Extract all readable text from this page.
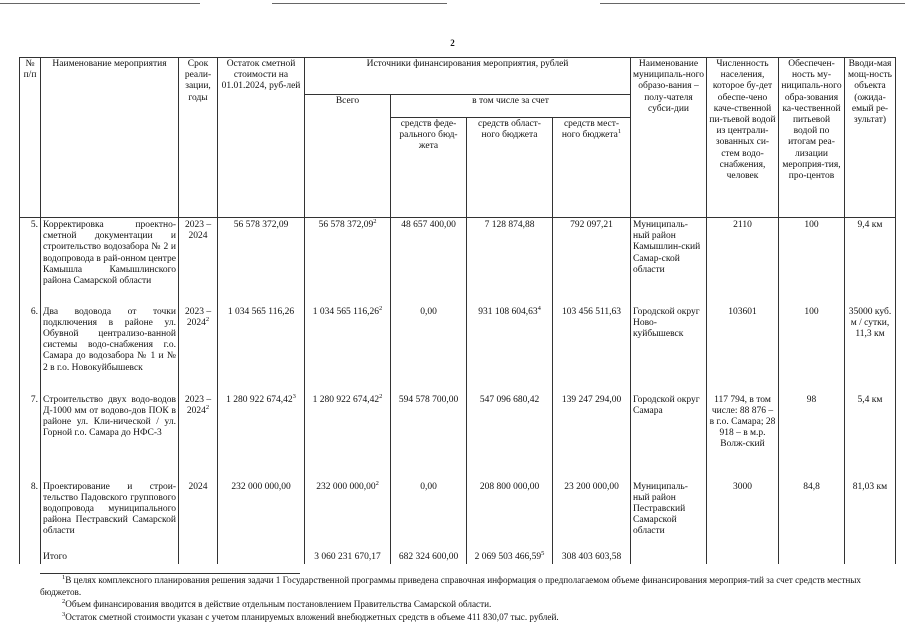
2
№ п/п	Наименование мероприятия	Срок реали-зации, годы	Остаток сметной стоимости на 01.01.2024, руб-лей	Источники финансирования мероприятия, рублей				Наименование муниципаль-ного образо-вания – полу-чателя субси-дии	Численность населения, которое бу-дет обеспе-чено каче-ственной пи-тьевой водой из централи-зованных си-стем водо-снабжения, человек	Обеспечен-ность му-ниципаль-ного обра-зования ка-чественной питьевой водой по итогам реа-лизации мероприя-тия, про-центов	Вводи-мая мощ-ность объекта (ожида-емый ре-зультат)
				Всего	в том числе за счет						
					средств феде-рального бюд-жета	средств област-ного бюджета	средств мест-ного бюджета$^1$
5.	Корректировка проектно-сметной документации и строительство водозабора № 2 и водопровода в рай-онном центре Камышла Камышлинского района Самарской области	2023 – 2024	56 578 372,09	56 578 372,09$^2$	48 657 400,00	7 128 874,88	792 097,21	Муниципаль-ный район Камышлин-ский Самар-ской области	2110	100	9,4 км
6.	Два водовода от точки подключения в районе ул. Обувной централизо-ванной системы водо-снабжения г.о. Самара до водозабора № 1 и № 2 в г.о. Новокуйбышевск	2023 – 2024$^2$	1 034 565 116,26	1 034 565 116,26$^2$	0,00	931 108 604,63$^4$	103 456 511,63	Городской округ Ново-куйбышевск	103601	100	35000 куб. м / сутки, 11,3 км
7.	Строительство двух водо-водов Д-1000 мм от водово-дов ПОК в районе ул. Кли-нической / ул. Горной г.о. Самара до НФС-3	2023 – 2024$^2$	1 280 922 674,42$^3$	1 280 922 674,42$^2$	594 578 700,00	547 096 680,42	139 247 294,00	Городской округ Самара	117 794, в том числе: 88 876 – в г.о. Самара; 28 918 – в м.р. Волж-ский	98	5,4 км
8.	Проектирование и строи-тельство Падовского группового водопровода муниципального района Пестравский Самарской области	2024	232 000 000,00	232 000 000,00$^2$	0,00	208 800 000,00	23 200 000,00	Муниципаль-ный район Пестравский Самарской области	3000	84,8	81,03 км
	Итого			3 060 231 670,17	682 324 600,00	2 069 503 466,59$^5$	308 403 603,58				
$^1$В целях комплексного планирования решения задачи 1 Государственной программы приведена справочная информация о предполагаемом объеме финансирования мероприя-тий за счет средств местных бюджетов.
$^2$Объем финансирования вводится в действие отдельным постановлением Правительства Самарской области.
$^3$Остаток сметной стоимости указан с учетом планируемых вложений внебюджетных средств в объеме 411 830,07 тыс. рублей.
